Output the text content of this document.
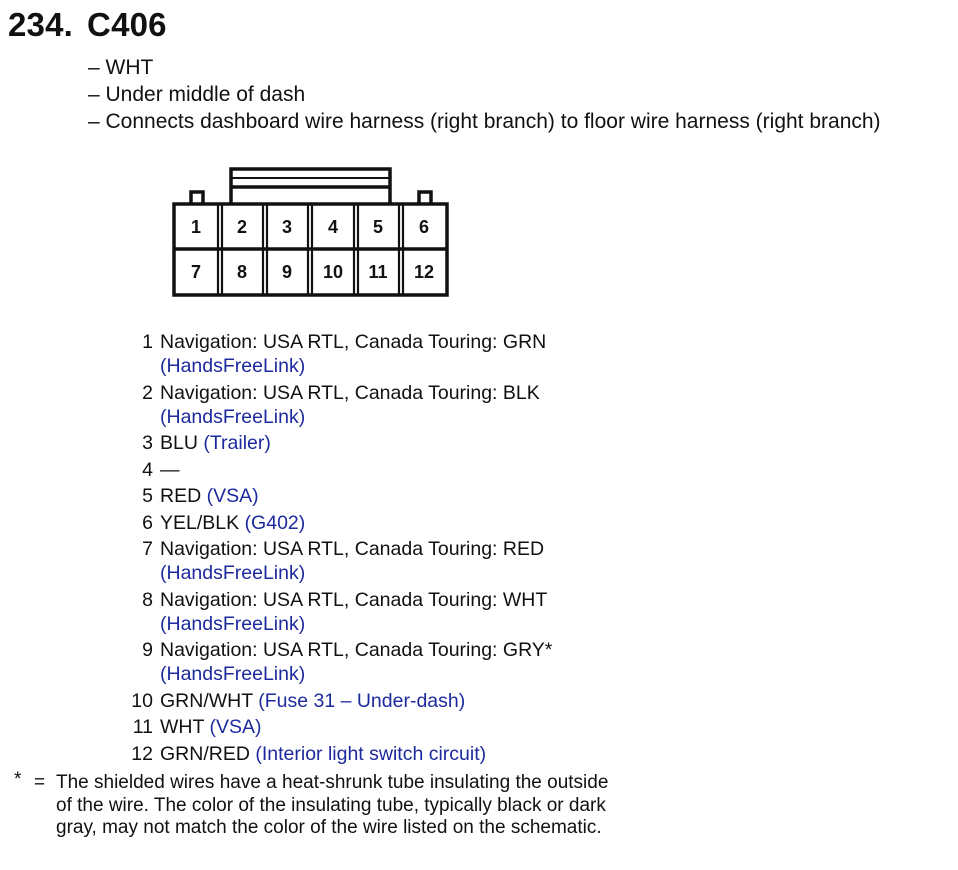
234. C406
– WHT
– Under middle of dash
– Connects dashboard wire harness (right branch) to floor wire harness (right branch)
1 2 3 4 5 6
7 8 9 10 11 12
1 Navigation: USA RTL, Canada Touring: GRN
(HandsFreeLink)
2 Navigation: USA RTL, Canada Touring: BLK
(HandsFreeLink)
3 BLU (Trailer)
4 —
5 RED (VSA)
6 YEL/BLK (G402)
7 Navigation: USA RTL, Canada Touring: RED
(HandsFreeLink)
8 Navigation: USA RTL, Canada Touring: WHT
(HandsFreeLink)
9 Navigation: USA RTL, Canada Touring: GRY*
(HandsFreeLink)
10 GRN/WHT (Fuse 31 – Under-dash)
11 WHT (VSA)
12 GRN/RED (Interior light switch circuit)
* = The shielded wires have a heat-shrunk tube insulating the outside of the wire. The color of the insulating tube, typically black or dark gray, may not match the color of the wire listed on the schematic.
